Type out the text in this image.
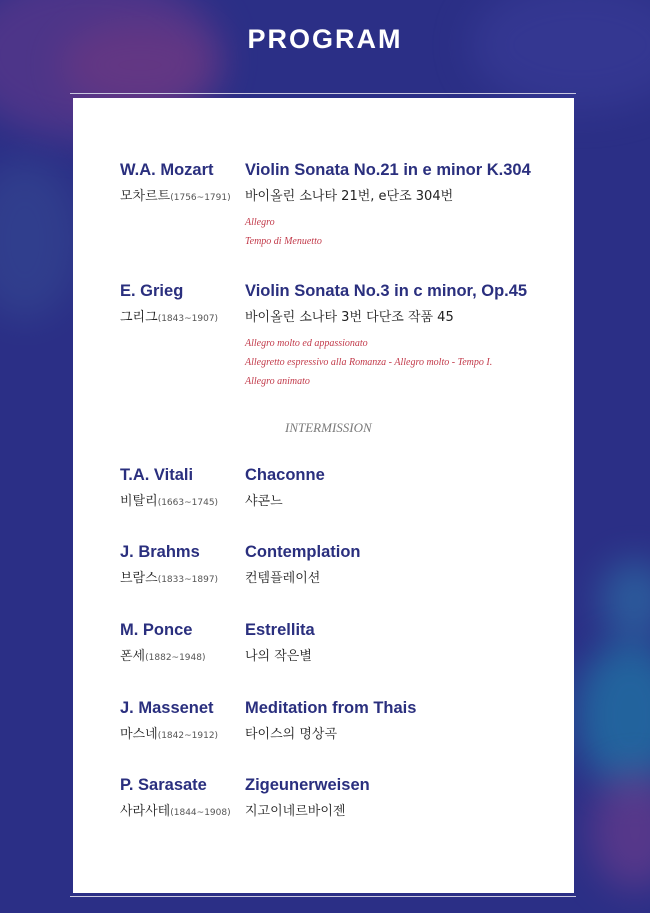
PROGRAM
W.A. Mozart
모차르트(1756~1791)
Violin Sonata No.21 in e minor K.304
바이올린 소나타 21번, e단조 304번
Allegro
Tempo di Menuetto
E. Grieg
그리그(1843~1907)
Violin Sonata No.3 in c minor, Op.45
바이올린 소나타 3번 다단조 작품 45
Allegro molto ed appassionato
Allegretto espressivo alla Romanza - Allegro molto - Tempo I.
Allegro animato
INTERMISSION
T.A. Vitali
비탈리(1663~1745)
Chaconne
샤콘느
J. Brahms
브람스(1833~1897)
Contemplation
컨템플레이션
M. Ponce
폰세(1882~1948)
Estrellita
나의 작은별
J. Massenet
마스네(1842~1912)
Meditation from Thais
타이스의 명상곡
P. Sarasate
사라사테(1844~1908)
Zigeunerweisen
지고이네르바이젠
